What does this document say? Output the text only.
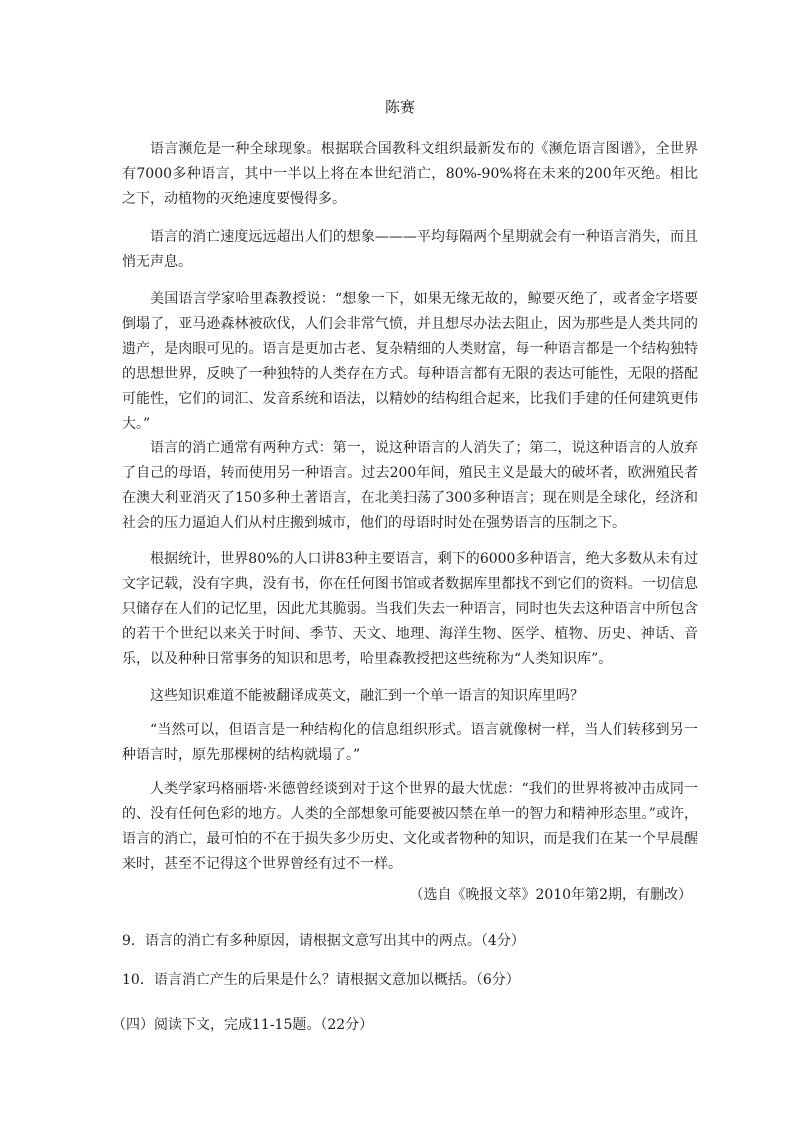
陈赛

语言濒危是一种全球现象。根据联合国教科文组织最新发布的《濒危语言图谱》，全世界有7000多种语言，其中一半以上将在本世纪消亡，80%-90%将在未来的200年灭绝。相比之下，动植物的灭绝速度要慢得多。

语言的消亡速度远远超出人们的想象———平均每隔两个星期就会有一种语言消失，而且悄无声息。

美国语言学家哈里森教授说：“想象一下，如果无缘无故的，鲸要灭绝了，或者金字塔要倒塌了，亚马逊森林被砍伐，人们会非常气愤，并且想尽办法去阻止，因为那些是人类共同的遗产，是肉眼可见的。语言是更加古老、复杂精细的人类财富，每一种语言都是一个结构独特的思想世界，反映了一种独特的人类存在方式。每种语言都有无限的表达可能性，无限的搭配可能性，它们的词汇、发音系统和语法，以精妙的结构组合起来，比我们手建的任何建筑更伟大。”

语言的消亡通常有两种方式：第一，说这种语言的人消失了；第二，说这种语言的人放弃了自己的母语，转而使用另一种语言。过去200年间，殖民主义是最大的破坏者，欧洲殖民者在澳大利亚消灭了150多种土著语言，在北美扫荡了300多种语言；现在则是全球化，经济和社会的压力逼迫人们从村庄搬到城市，他们的母语时时处在强势语言的压制之下。

根据统计，世界80%的人口讲83种主要语言，剩下的6000多种语言，绝大多数从未有过文字记载，没有字典，没有书，你在任何图书馆或者数据库里都找不到它们的资料。一切信息只储存在人们的记忆里，因此尤其脆弱。当我们失去一种语言，同时也失去这种语言中所包含的若干个世纪以来关于时间、季节、天文、地理、海洋生物、医学、植物、历史、神话、音乐，以及种种日常事务的知识和思考，哈里森教授把这些统称为“人类知识库”。

这些知识难道不能被翻译成英文，融汇到一个单一语言的知识库里吗？

“当然可以，但语言是一种结构化的信息组织形式。语言就像树一样，当人们转移到另一种语言时，原先那棵树的结构就塌了。”

人类学家玛格丽塔·米德曾经谈到对于这个世界的最大忧虑：“我们的世界将被冲击成同一的、没有任何色彩的地方。人类的全部想象可能要被囚禁在单一的智力和精神形态里。”或许，语言的消亡，最可怕的不在于损失多少历史、文化或者物种的知识，而是我们在某一个早晨醒来时，甚至不记得这个世界曾经有过不一样。

（选自《晚报文萃》2010年第2期，有删改）

9．语言的消亡有多种原因，请根据文意写出其中的两点。（4分）

10．语言消亡产生的后果是什么？请根据文意加以概括。（6分）

（四）阅读下文，完成11-15题。（22分）
